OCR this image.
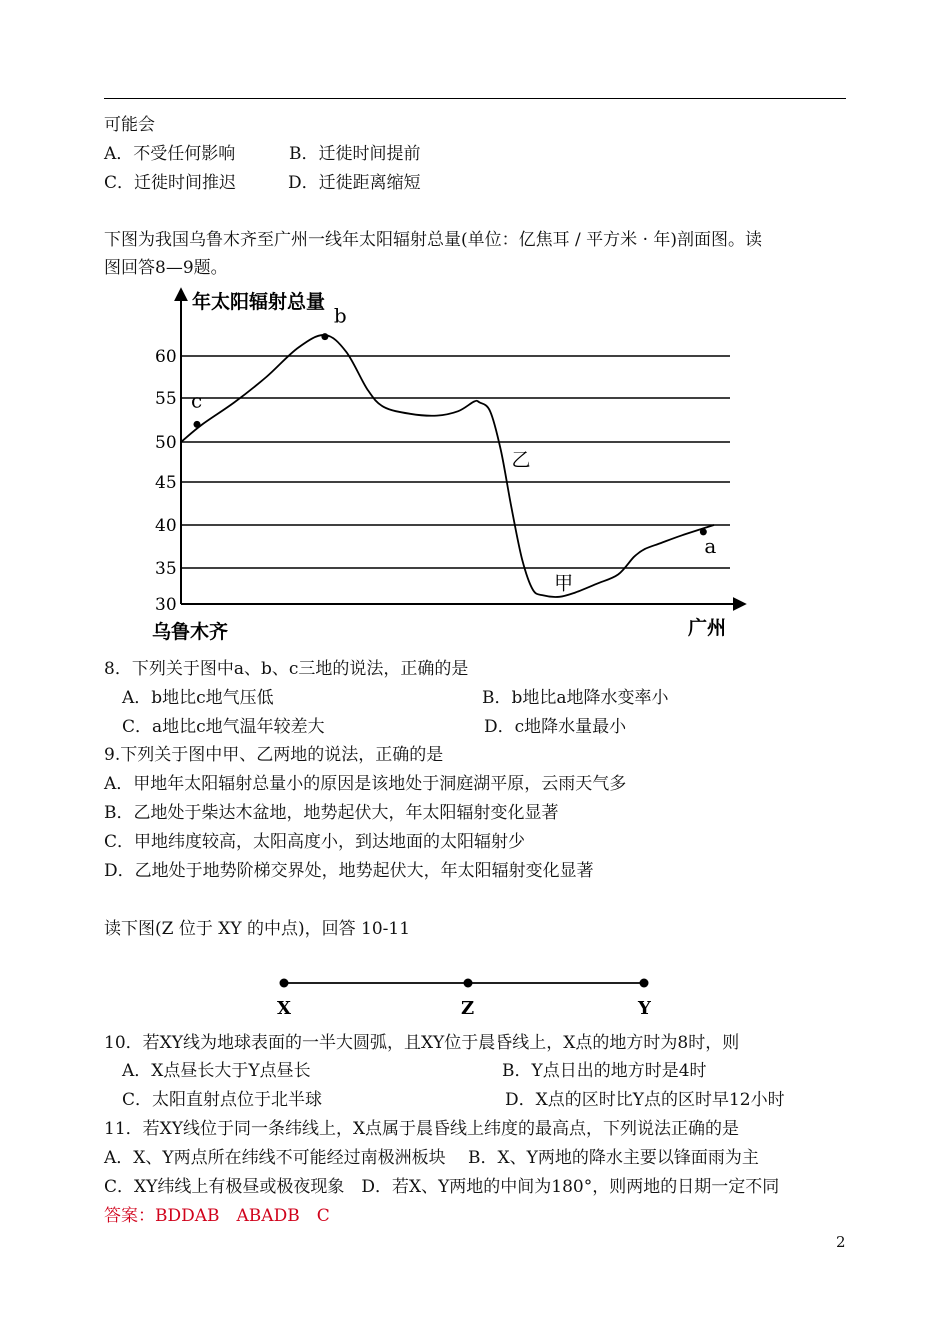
可能会
A．不受任何影响	B．迁徙时间提前
C．迁徙时间推迟	D．迁徙距离缩短
下图为我国乌鲁木齐至广州一线年太阳辐射总量(单位：亿焦耳 / 平方米 · 年)剖面图。读
图回答8—9题。
30
35
40
45
50
55
60
年太阳辐射总量
乌鲁木齐	广州
a
b
c
乙
甲
8．下列关于图中a、b、c三地的说法，正确的是
A．b地比c地气压低	B．b地比a地降水变率小
C．a地比c地气温年较差大	D．c地降水量最小
9.下列关于图中甲、乙两地的说法，正确的是
A．甲地年太阳辐射总量小的原因是该地处于洞庭湖平原，云雨天气多
B．乙地处于柴达木盆地，地势起伏大，年太阳辐射变化显著
C．甲地纬度较高，太阳高度小，到达地面的太阳辐射少
D．乙地处于地势阶梯交界处，地势起伏大，年太阳辐射变化显著
读下图(Z 位于 XY 的中点)，回答 10-11
X	Z	Y
10．若XY线为地球表面的一半大圆弧，且XY位于晨昏线上，X点的地方时为8时，则
A．X点昼长大于Y点昼长	B．Y点日出的地方时是4时
C．太阳直射点位于北半球	D．X点的区时比Y点的区时早12小时
11．若XY线位于同一条纬线上，X点属于晨昏线上纬度的最高点，下列说法正确的是
A．X、Y两点所在纬线不可能经过南极洲板块　 B．X、Y两地的降水主要以锋面雨为主
C．XY纬线上有极昼或极夜现象　D．若X、Y两地的中间为180°，则两地的日期一定不同
答案：BDDAB　ABADB　C
2
